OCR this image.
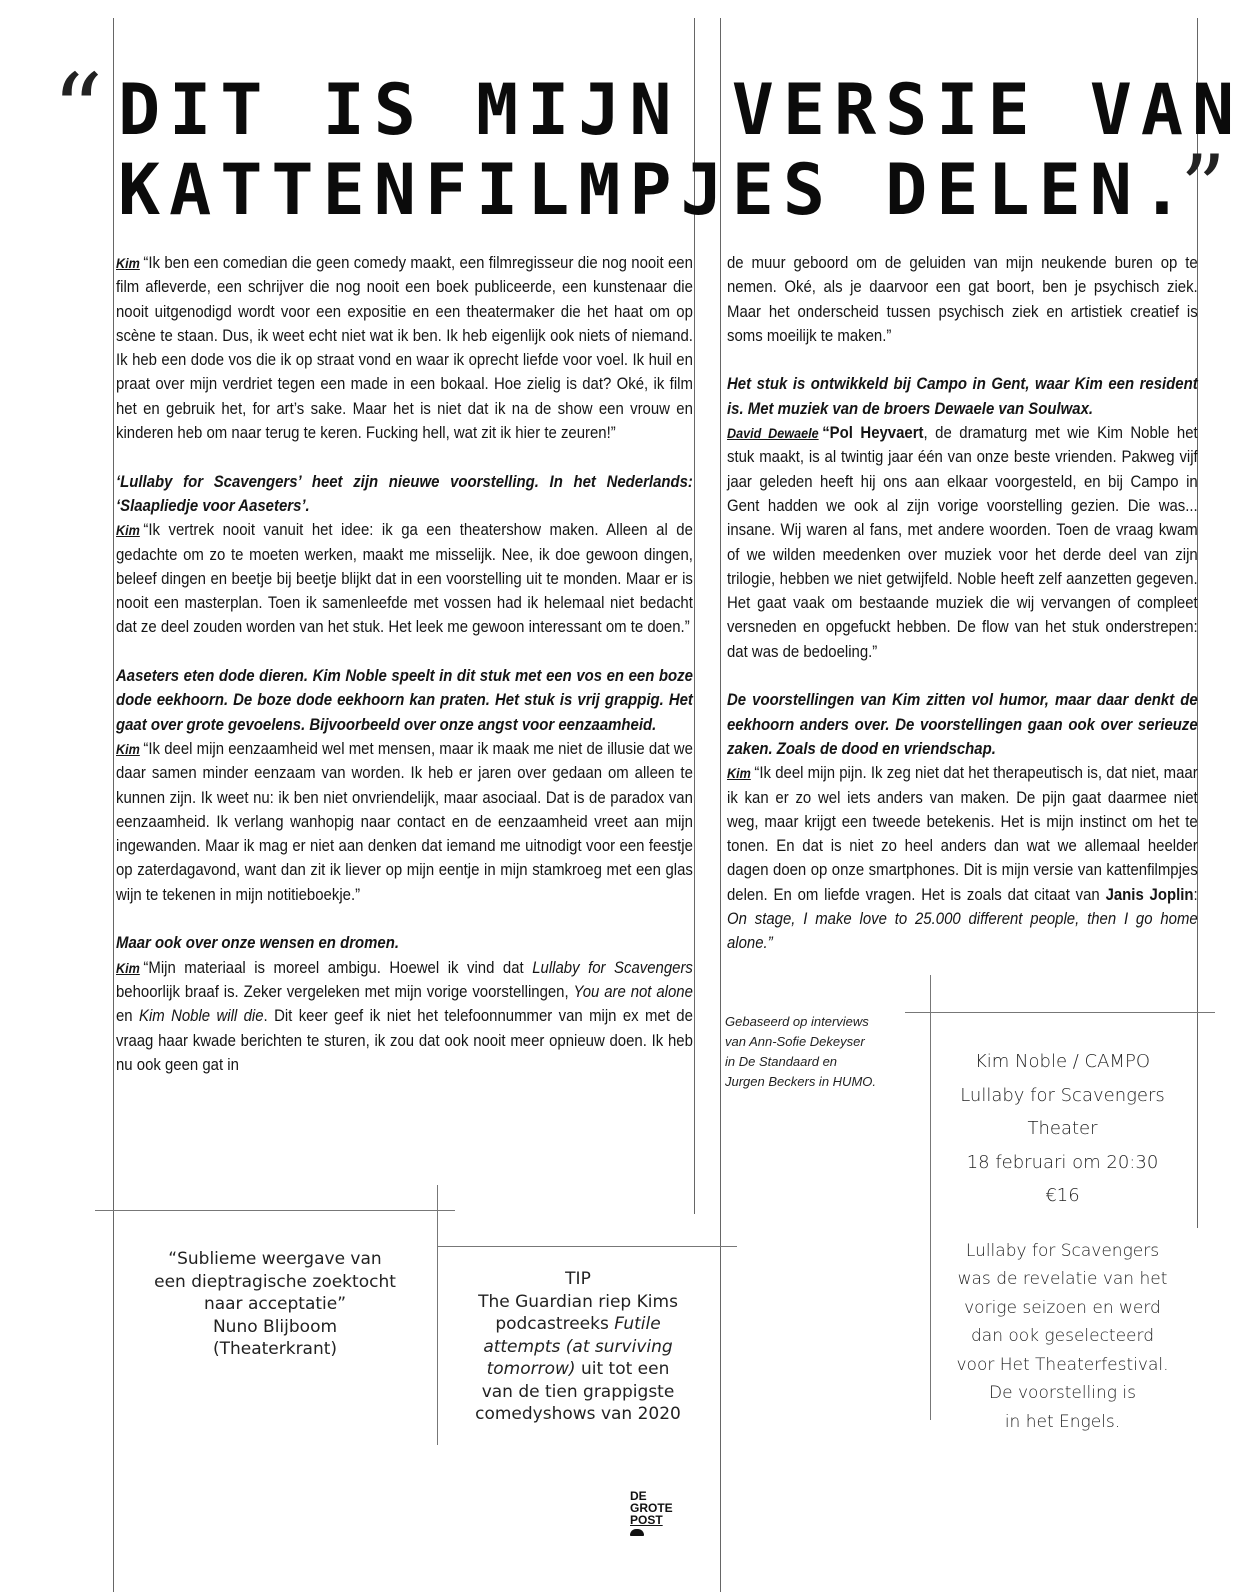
“ DIT IS MIJN VERSIE VAN
KATTENFILMPJES DELEN.
”

Kim “Ik ben een comedian die geen comedy maakt, een filmregisseur die nog nooit een film afleverde, een schrijver die nog nooit een boek publiceerde, een kunstenaar die nooit uitgenodigd wordt voor een expositie en een theatermaker die het haat om op scène te staan. Dus, ik weet echt niet wat ik ben. Ik heb eigenlijk ook niets of niemand. Ik heb een dode vos die ik op straat vond en waar ik oprecht liefde voor voel. Ik huil en praat over mijn verdriet tegen een made in een bokaal. Hoe zielig is dat? Oké, ik film het en gebruik het, for art’s sake. Maar het is niet dat ik na de show een vrouw en kinderen heb om naar terug te keren. Fucking hell, wat zit ik hier te zeuren!”

‘Lullaby for Scavengers’ heet zijn nieuwe voorstelling. In het Nederlands: ‘Slaapliedje voor Aaseters’.

Kim “Ik vertrek nooit vanuit het idee: ik ga een theatershow maken. Alleen al de gedachte om zo te moeten werken, maakt me misselijk. Nee, ik doe gewoon dingen, beleef dingen en beetje bij beetje blijkt dat in een voorstelling uit te monden. Maar er is nooit een masterplan. Toen ik samenleefde met vossen had ik helemaal niet bedacht dat ze deel zouden worden van het stuk. Het leek me gewoon interessant om te doen.”

Aaseters eten dode dieren. Kim Noble speelt in dit stuk met een vos en een boze dode eekhoorn. De boze dode eekhoorn kan praten. Het stuk is vrij grappig. Het gaat over grote gevoelens. Bijvoorbeeld over onze angst voor eenzaamheid.

Kim “Ik deel mijn eenzaamheid wel met mensen, maar ik maak me niet de illusie dat we daar samen minder eenzaam van worden. Ik heb er jaren over gedaan om alleen te kunnen zijn. Ik weet nu: ik ben niet onvriendelijk, maar asociaal. Dat is de paradox van eenzaamheid. Ik verlang wanhopig naar contact en de eenzaamheid vreet aan mijn ingewanden. Maar ik mag er niet aan denken dat iemand me uitnodigt voor een feestje op zaterdagavond, want dan zit ik liever op mijn eentje in mijn stamkroeg met een glas wijn te tekenen in mijn notitieboekje.”

Maar ook over onze wensen en dromen.

Kim “Mijn materiaal is moreel ambigu. Hoewel ik vind dat Lullaby for Scavengers behoorlijk braaf is. Zeker vergeleken met mijn vorige voorstellingen, You are not alone en Kim Noble will die. Dit keer geef ik niet het telefoonnummer van mijn ex met de vraag haar kwade berichten te sturen, ik zou dat ook nooit meer opnieuw doen. Ik heb nu ook geen gat in

de muur geboord om de geluiden van mijn neukende buren op te nemen. Oké, als je daarvoor een gat boort, ben je psychisch ziek. Maar het onderscheid tussen psychisch ziek en artistiek creatief is soms moeilijk te maken.”

Het stuk is ontwikkeld bij Campo in Gent, waar Kim een resident is. Met muziek van de broers Dewaele van Soulwax.

David Dewaele “Pol Heyvaert, de dramaturg met wie Kim Noble het stuk maakt, is al twintig jaar één van onze beste vrienden. Pakweg vijf jaar geleden heeft hij ons aan elkaar voorgesteld, en bij Campo in Gent hadden we ook al zijn vorige voorstelling gezien. Die was... insane. Wij waren al fans, met andere woorden. Toen de vraag kwam of we wilden meedenken over muziek voor het derde deel van zijn trilogie, hebben we niet getwijfeld. Noble heeft zelf aanzetten gegeven. Het gaat vaak om bestaande muziek die wij vervangen of compleet versneden en opgefuckt hebben. De flow van het stuk onderstrepen: dat was de bedoeling.”

De voorstellingen van Kim zitten vol humor, maar daar denkt de eekhoorn anders over. De voorstellingen gaan ook over serieuze zaken. Zoals de dood en vriendschap.

Kim “Ik deel mijn pijn. Ik zeg niet dat het therapeutisch is, dat niet, maar ik kan er zo wel iets anders van maken. De pijn gaat daarmee niet weg, maar krijgt een tweede betekenis. Het is mijn instinct om het te tonen. En dat is niet zo heel anders dan wat we allemaal heelder dagen doen op onze smartphones. Dit is mijn versie van kattenfilmpjes delen. En om liefde vragen. Het is zoals dat citaat van Janis Joplin: On stage, I make love to 25.000 different people, then I go home alone.”

Gebaseerd op interviews
van Ann-Sofie Dekeyser
in De Standaard en
Jurgen Beckers in HUMO.
Kim Noble / CAMPO
Lullaby for Scavengers
Theater
18 februari om 20:30
€16
Lullaby for Scavengers
was de revelatie van het
vorige seizoen en werd
dan ook geselecteerd
voor Het Theaterfestival.
De voorstelling is
in het Engels.
“Sublieme weergave van
een dieptragische zoektocht
naar acceptatie”
Nuno Blijboom
(Theaterkrant)
TIP
The Guardian riep Kims
podcastreeks Futile
attempts (at surviving
tomorrow) uit tot een
van de tien grappigste
comedyshows van 2020
DE
GROTE
POST
